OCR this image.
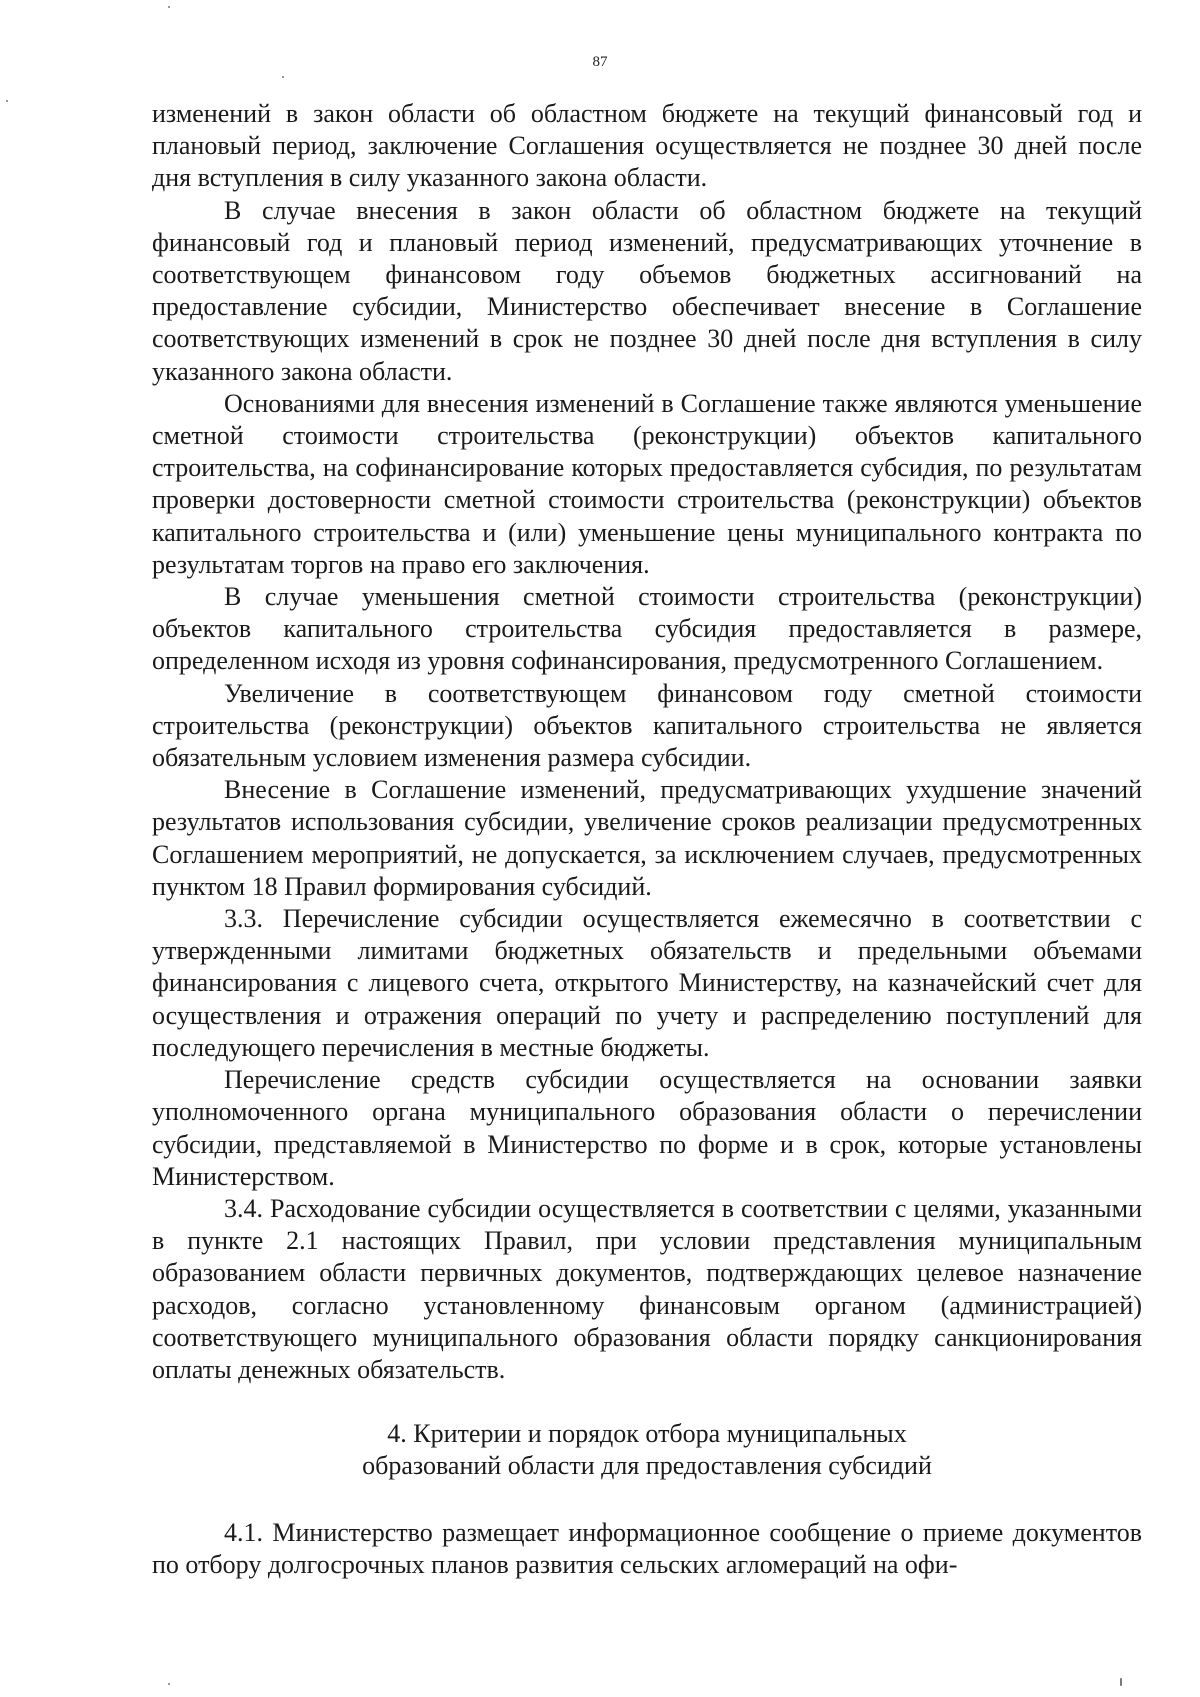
87

изменений в закон области об областном бюджете на текущий финансовый год и плановый период, заключение Соглашения осуществляется не позднее 30 дней после дня вступления в силу указанного закона области.

В случае внесения в закон области об областном бюджете на текущий финансовый год и плановый период изменений, предусматривающих уточнение в соответствующем финансовом году объемов бюджетных ассигнований на предоставление субсидии, Министерство обеспечивает внесение в Соглашение соответствующих изменений в срок не позднее 30 дней после дня вступления в силу указанного закона области.

Основаниями для внесения изменений в Соглашение также являются уменьшение сметной стоимости строительства (реконструкции) объектов капитального строительства, на софинансирование которых предоставляется субсидия, по результатам проверки достоверности сметной стоимости строительства (реконструкции) объектов капитального строительства и (или) уменьшение цены муниципального контракта по результатам торгов на право его заключения.

В случае уменьшения сметной стоимости строительства (реконструкции) объектов капитального строительства субсидия предоставляется в размере, определенном исходя из уровня софинансирования, предусмотренного Соглашением.

Увеличение в соответствующем финансовом году сметной стоимости строительства (реконструкции) объектов капитального строительства не является обязательным условием изменения размера субсидии.

Внесение в Соглашение изменений, предусматривающих ухудшение значений результатов использования субсидии, увеличение сроков реализации предусмотренных Соглашением мероприятий, не допускается, за исключением случаев, предусмотренных пунктом 18 Правил формирования субсидий.

3.3. Перечисление субсидии осуществляется ежемесячно в соответствии с утвержденными лимитами бюджетных обязательств и предельными объемами финансирования с лицевого счета, открытого Министерству, на казначейский счет для осуществления и отражения операций по учету и распределению поступлений для последующего перечисления в местные бюджеты.

Перечисление средств субсидии осуществляется на основании заявки уполномоченного органа муниципального образования области о перечислении субсидии, представляемой в Министерство по форме и в срок, которые установлены Министерством.

3.4. Расходование субсидии осуществляется в соответствии с целями, указанными в пункте 2.1 настоящих Правил, при условии представления муниципальным образованием области первичных документов, подтверждающих целевое назначение расходов, согласно установленному финансовым органом (администрацией) соответствующего муниципального образования области порядку санкционирования оплаты денежных обязательств.

4. Критерии и порядок отбора муниципальных
образований области для предоставления субсидий

4.1. Министерство размещает информационное сообщение о приеме документов по отбору долгосрочных планов развития сельских агломераций на офи-
